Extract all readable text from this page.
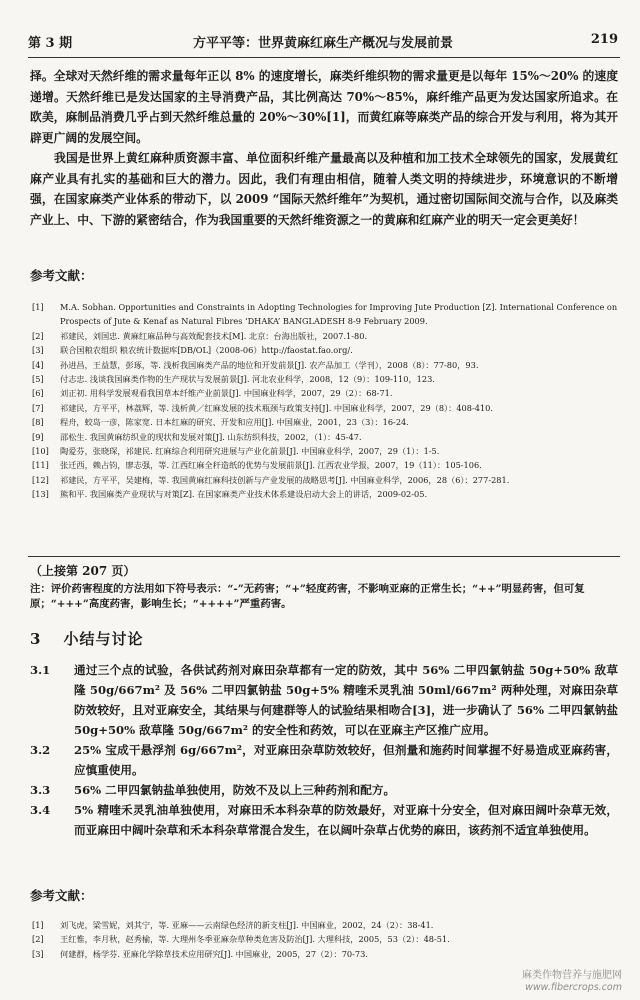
第 3 期	方平平等：世界黄麻红麻生产概况与发展前景	219

择。全球对天然纤维的需求量每年正以 8% 的速度增长，麻类纤维织物的需求量更是以每年 15%～20% 的速度递增。天然纤维已是发达国家的主导消费产品，其比例高达 70%～85%，麻纤维产品更为发达国家所追求。在欧美，麻制品消费几乎占到天然纤维总量的 20%～30%[1]，而黄红麻等麻类产品的综合开发与利用，将为其开辟更广阔的发展空间。

我国是世界上黄红麻种质资源丰富、单位面积纤维产量最高以及种植和加工技术全球领先的国家，发展黄红麻产业具有扎实的基础和巨大的潜力。因此，我们有理由相信，随着人类文明的持续进步，环境意识的不断增强，在国家麻类产业体系的带动下，以 2009 “国际天然纤维年”为契机，通过密切国际间交流与合作，以及麻类产业上、中、下游的紧密结合，作为我国重要的天然纤维资源之一的黄麻和红麻产业的明天一定会更美好！

参考文献：
[1]	M.A. Sobhan. Opportunities and Constraints in Adopting Technologies for Improving Jute Production [Z]. International Conference on Prospects of Jute & Kenaf as Natural Fibres ‘DHAKA’ BANGLADESH 8-9 February 2009.
[2]	祁建民，刘国忠. 黄麻红麻品种与高效配套技术[M]. 北京：台海出版社，2007.1-80.
[3]	联合国粮农组织 粮农统计数据库[DB/OL]（2008-06）http://faostat.fao.org/.
[4]	孙进昌，王益慧，彭琢，等. 浅析我国麻类产品的地位和开发前景[J]. 农产品加工（学刊），2008（8）：77-80，93.
[5]	付志忠. 浅谈我国麻类作物的生产现状与发展前景[J]. 河北农业科学，2008，12（9）：109-110，123.
[6]	刘正初. 用科学发展观看我国草本纤维产业前景[J]. 中国麻业科学，2007，29（2）：68-71.
[7]	祁建民，方平平，林荔辉，等. 浅析黄／红麻发展的技术瓶颈与政策支持[J]. 中国麻业科学，2007，29（8）：408-410.
[8]	程舟，蛟岛一彦，陈家宽. 日本红麻的研究、开发和应用[J]. 中国麻业，2001，23（3）：16-24.
[9]	邵松生. 我国黄麻纺织业的现状和发展对策[J]. 山东纺织科技，2002，（1）：45-47.
[10]	陶爱芬，张晓琛，祁建民. 红麻综合利用研究进展与产业化前景[J]. 中国麻业科学，2007，29（1）：1-5.
[11]	张迁西，赖占钧，廖志强，等. 江西红麻全秆造纸的优势与发展前景[J]. 江西农业学报，2007，19（11）：105-106.
[12]	祁建民，方平平，吴建梅，等. 我国黄麻红麻科技创新与产业发展的战略思考[J]. 中国麻业科学，2006，28（6）：277-281.
[13]	熊和平. 我国麻类产业现状与对策[Z]. 在国家麻类产业技术体系建设启动大会上的讲话，2009-02-05.
（上接第 207 页）
注：评价药害程度的方法用如下符号表示：“-”无药害；“+”轻度药害，不影响亚麻的正常生长；“++”明显药害，但可复原；“+++”高度药害，影响生长；“++++”严重药害。
3 小结与讨论
3.1	通过三个点的试验，各供试药剂对麻田杂草都有一定的防效，其中 56% 二甲四氯钠盐 50g+50% 敌草隆 50g/667m² 及 56% 二甲四氯钠盐 50g+5% 精喹禾灵乳油 50ml/667m² 两种处理，对麻田杂草防效较好，且对亚麻安全，其结果与何建群等人的试验结果相吻合[3]，进一步确认了 56% 二甲四氯钠盐 50g+50% 敌草隆 50g/667m² 的安全性和药效，可以在亚麻主产区推广应用。
3.2	25% 宝成干悬浮剂 6g/667m²，对亚麻田杂草防效较好，但剂量和施药时间掌握不好易造成亚麻药害，应慎重使用。
3.3	56% 二甲四氯钠盐单独使用，防效不及以上三种药剂和配方。
3.4	5% 精喹禾灵乳油单独使用，对麻田禾本科杂草的防效最好，对亚麻十分安全，但对麻田阔叶杂草无效，而亚麻田中阔叶杂草和禾本科杂草常混合发生，在以阔叶杂草占优势的麻田，该药剂不适宜单独使用。
参考文献：
[1]	刘飞虎，梁雪妮，刘其宁，等. 亚麻——云南绿色经济的新支柱[J]. 中国麻业，2002，24（2）：38-41.
[2]	王红惟，李月秋，赵秀榆，等. 大理州冬季亚麻杂草种类危害及防治[J]. 大理科技，2005，53（2）：48-51.
[3]	何建群，杨学芬. 亚麻化学除草技术应用研究[J]. 中国麻业，2005，27（2）：70-73.
麻类作物营养与施肥网
www.fibercrops.com
